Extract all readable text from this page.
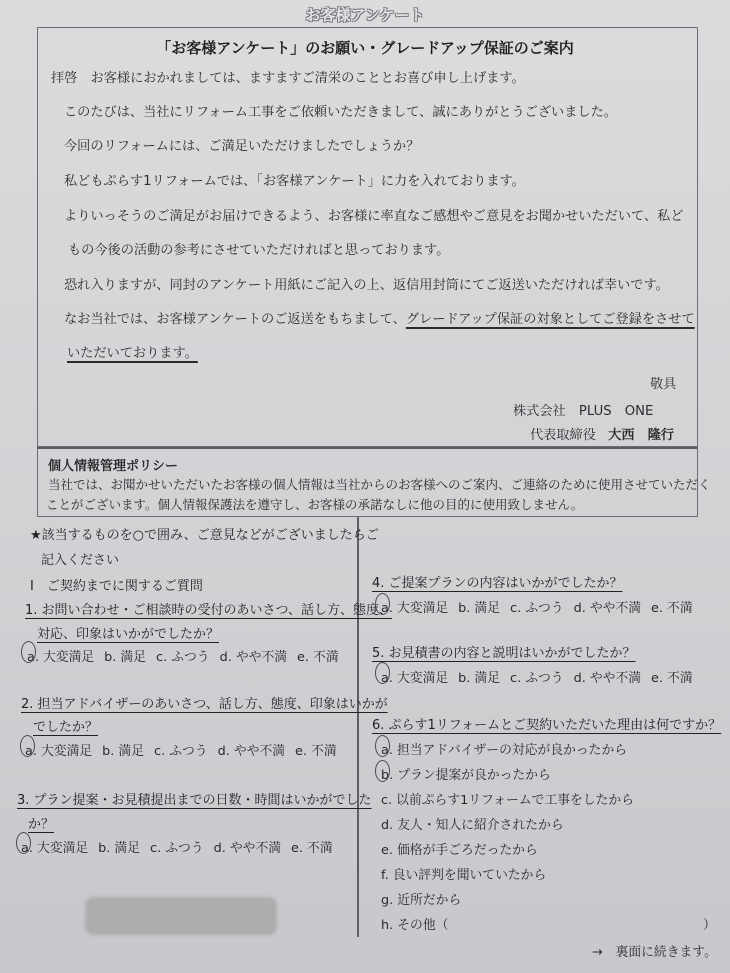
お客様アンケート
「お客様アンケート」のお願い・グレードアップ保証のご案内
拝啓　お客様におかれましては、ますますご清栄のこととお喜び申し上げます。
このたびは、当社にリフォーム工事をご依頼いただきまして、誠にありがとうございました。
今回のリフォームには、ご満足いただけましたでしょうか？
私どもぷらす1リフォームでは、「お客様アンケート」に力を入れております。
よりいっそうのご満足がお届けできるよう、お客様に率直なご感想やご意見をお聞かせいただいて、私ど
もの今後の活動の参考にさせていただければと思っております。
恐れ入りますが、同封のアンケート用紙にご記入の上、返信用封筒にてご返送いただければ幸いです。
なお当社では、お客様アンケートのご返送をもちまして、グレードアップ保証の対象としてご登録をさせて
いただいております。
敬具
株式会社　PLUS　ONE
代表取締役 大西　隆行
個人情報管理ポリシー
当社では、お聞かせいただいたお客様の個人情報は当社からのお客様へのご案内、ご連絡のために使用させていただく
ことがございます。個人情報保護法を遵守し、お客様の承諾なしに他の目的に使用致しません。

★該当するものを○で囲み、ご意見などがございましたらご
記入ください
Ⅰ　ご契約までに関するご質問
1. お問い合わせ・ご相談時の受付のあいさつ、話し方、態度、
対応、印象はいかがでしたか？
a. 大変満足 b. 満足 c. ふつう d. やや不満 e. 不満
2. 担当アドバイザーのあいさつ、話し方、態度、印象はいかが
でしたか？
a. 大変満足 b. 満足 c. ふつう d. やや不満 e. 不満
3. プラン提案・お見積提出までの日数・時間はいかがでした
か？
a. 大変満足 b. 満足 c. ふつう d. やや不満 e. 不満
4. ご提案プランの内容はいかがでしたか？
a. 大変満足 b. 満足 c. ふつう d. やや不満 e. 不満
5. お見積書の内容と説明はいかがでしたか？
a. 大変満足 b. 満足 c. ふつう d. やや不満 e. 不満
6. ぷらす1リフォームとご契約いただいた理由は何ですか？
a. 担当アドバイザーの対応が良かったから
b. プラン提案が良かったから
c. 以前ぷらす1リフォームで工事をしたから
d. 友人・知人に紹介されたから
e. 価格が手ごろだったから
f. 良い評判を聞いていたから
g. 近所だから
h. その他（	）
→　裏面に続きます。
